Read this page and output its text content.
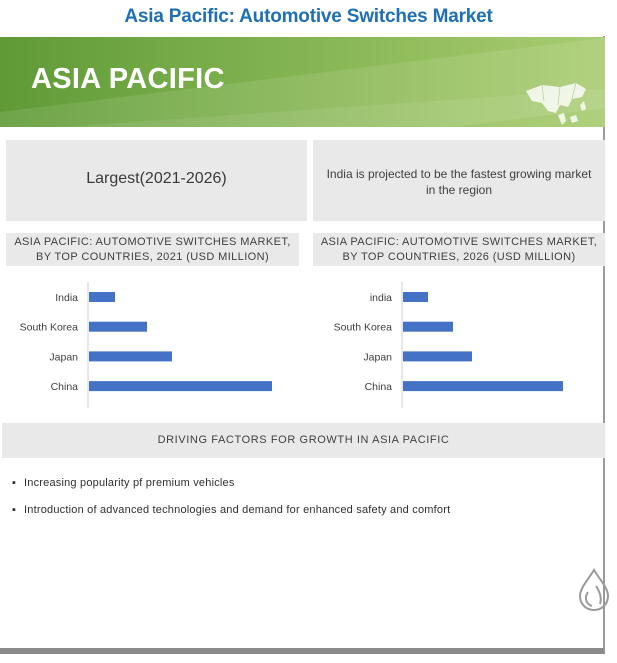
Asia Pacific: Automotive Switches Market
ASIA PACIFIC
Largest(2021-2026)	India is projected to be the fastest growing market in the region
ASIA PACIFIC: AUTOMOTIVE SWITCHES MARKET,
BY TOP COUNTRIES, 2021 (USD MILLION)
ASIA PACIFIC: AUTOMOTIVE SWITCHES MARKET,
BY TOP COUNTRIES, 2026 (USD MILLION)
India
South Korea
Japan
China
india
South Korea
Japan
China
DRIVING FACTORS FOR GROWTH IN ASIA PACIFIC
▪ Increasing popularity pf premium vehicles
▪ Introduction of advanced technologies and demand for enhanced safety and comfort
